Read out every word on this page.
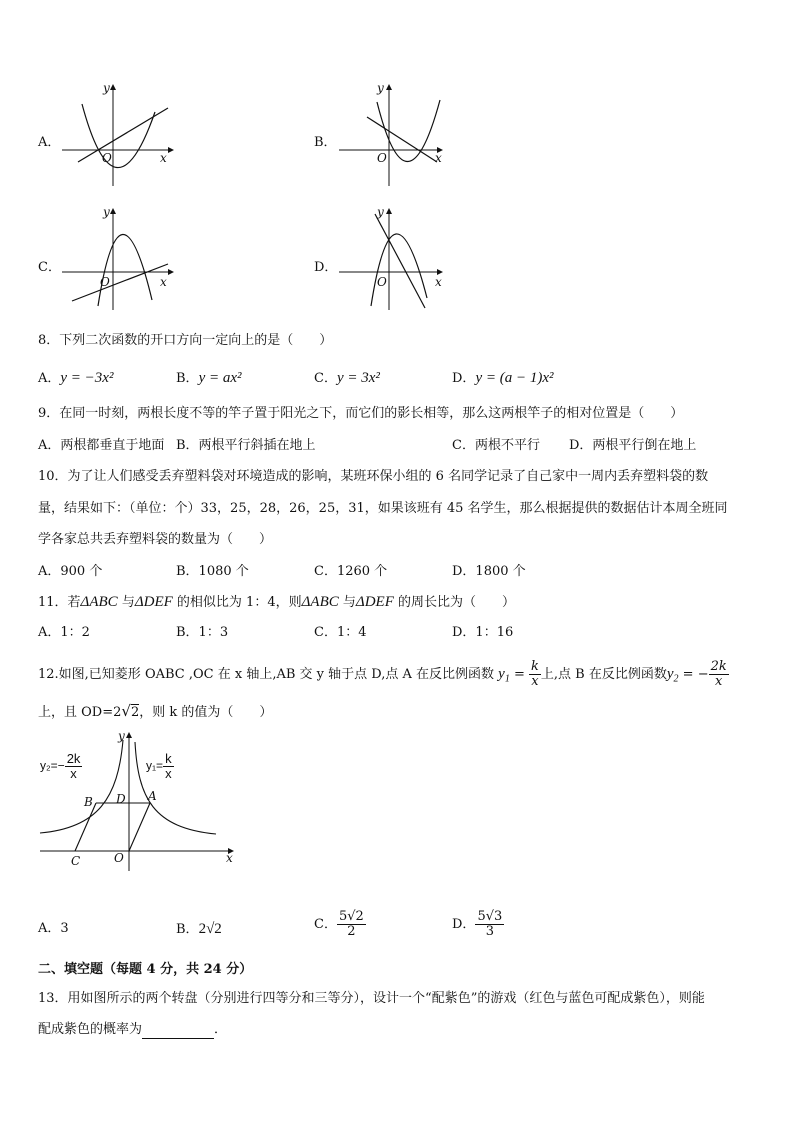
A．
y
x
O
B．
y
x
O
C．
y
x
O
D．
y
x
O
8．下列二次函数的开口方向一定向上的是（　　）
A．y = −3x²	B．y = ax²	C．y = 3x²	D．y = (a − 1)x²
9．在同一时刻，两根长度不等的竿子置于阳光之下，而它们的影长相等，那么这两根竿子的相对位置是（　　）
A．两根都垂直于地面 B．两根平行斜插在地上	C．两根不平行 D．两根平行倒在地上
10．为了让人们感受丢弃塑料袋对环境造成的影响，某班环保小组的 6 名同学记录了自己家中一周内丢弃塑料袋的数
量，结果如下：（单位：个）33，25，28，26，25，31，如果该班有 45 名学生，那么根据提供的数据估计本周全班同
学各家总共丢弃塑料袋的数量为（　　）
A．900 个	B．1080 个	C．1260 个	D．1800 个
11．若ΔABC 与ΔDEF 的相似比为 1：4，则ΔABC 与ΔDEF 的周长比为（　　）
A．1：2	B．1：3	C．1：4	D．1：16
12.如图,已知菱形 OABC ,OC 在 x 轴上,AB 交 y 轴于点 D,点 A 在反比例函数 $y_1 = \frac{k}{x}$ 上,点 B 在反比例函数$y_2$ = − $\frac{2k}{x}$
上，且 OD=2√2，则 k 的值为（　　）
B D A
C	O	x
y
$y_2=- \frac{2k}{x}$	$y_1= \frac{k}{x}$
A．3	B．2√2	C． $\frac{5√2}{2}$	D． $\frac{5√3}{3}$
二、填空题（每题 4 分，共 24 分）
13．用如图所示的两个转盘（分别进行四等分和三等分），设计一个“配紫色”的游戏（红色与蓝色可配成紫色），则能
配成紫色的概率为	．
